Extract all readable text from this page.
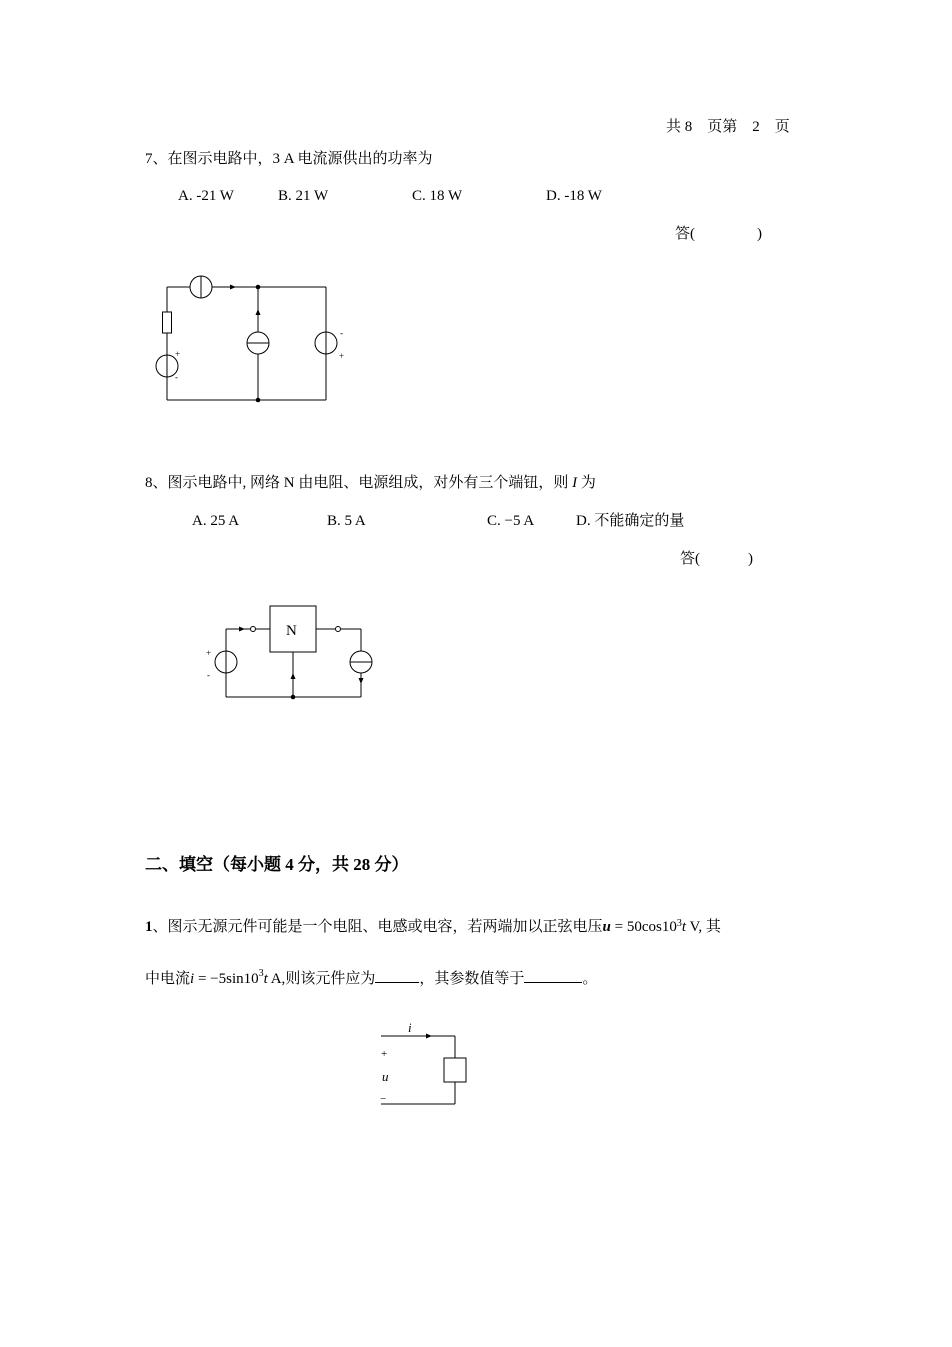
共 8　页第　2　页
7、在图示电路中，3 A 电流源供出的功率为
A. -21 W	B. 21 W	C. 18 W	D. -18 W
答(	)
+
-
-
+
8、图示电路中, 网络 N 由电阻、电源组成，对外有三个端钮，则 I 为
A. 25 A	B. 5 A	C. −5 A	D. 不能确定的量
答(	)
N
+
-
二、填空（每小题 4 分，共 28 分）
1、图示无源元件可能是一个电阻、电感或电容，若两端加以正弦电压$u = 50\cos 10^3t$ V, 其
中电流$i = -5\sin 10^3t$ A,则该元件应为	，其参数值等于	。
i
+
u
−
